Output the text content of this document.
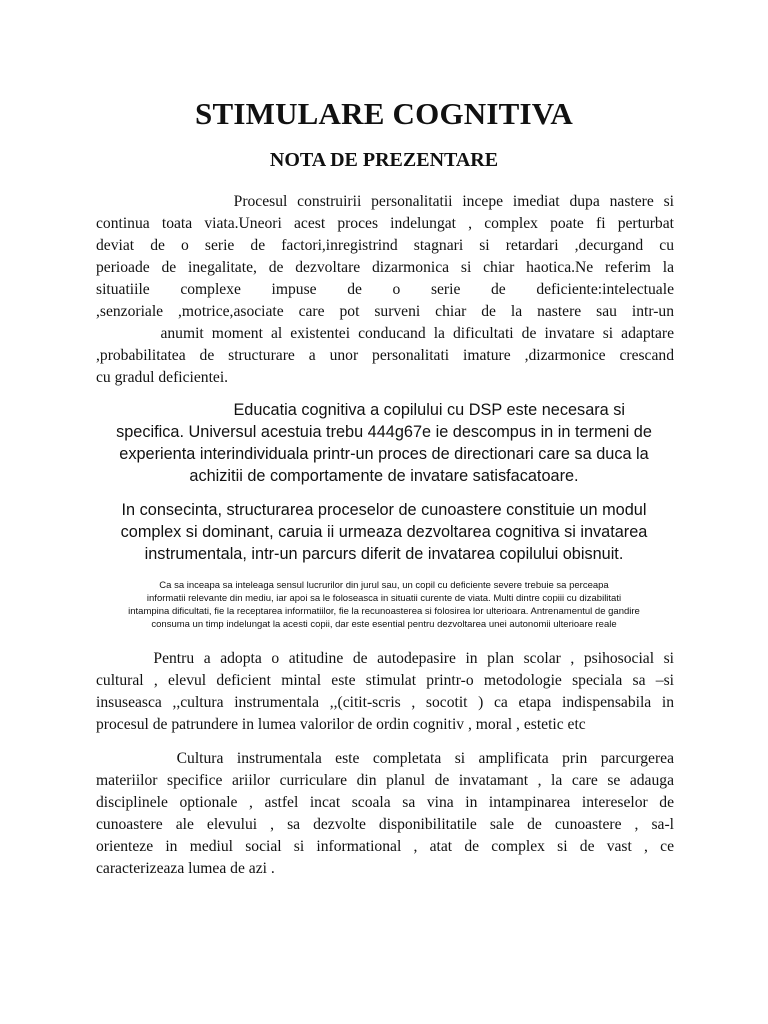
STIMULARE COGNITIVA
NOTA DE PREZENTARE
Procesul construirii personalitatii incepe imediat dupa nastere si
continua toata viata.Uneori acest proces indelungat , complex poate fi perturbat
deviat de o serie de factori,inregistrind stagnari si retardari ,decurgand cu
perioade de inegalitate, de dezvoltare dizarmonica si chiar haotica.Ne referim la
situatiile complexe impuse de o serie de deficiente:intelectuale
,senzoriale ,motrice,asociate care pot surveni chiar de la nastere sau intr-un
anumit moment al existentei conducand la dificultati de invatare si adaptare
,probabilitatea de structurare a unor personalitati imature ,dizarmonice crescand
cu gradul deficientei.
Educatia cognitiva a copilului cu DSP este necesara si
specifica. Universul acestuia trebu 444g67e ie descompus in in termeni de
experienta interindividuala printr-un proces de directionari care sa duca la
achizitii de comportamente de invatare satisfacatoare.
In consecinta, structurarea proceselor de cunoastere constituie un modul
complex si dominant, caruia ii urmeaza dezvoltarea cognitiva si invatarea
instrumentala, intr-un parcurs diferit de invatarea copilului obisnuit.
Ca sa inceapa sa inteleaga sensul lucrurilor din jurul sau, un copil cu deficiente severe trebuie sa perceapa
informatii relevante din mediu, iar apoi sa le foloseasca in situatii curente de viata. Multi dintre copiii cu dizabilitati
intampina dificultati, fie la receptarea informatiilor, fie la recunoasterea si folosirea lor ulterioara. Antrenamentul de gandire
consuma un timp indelungat la acesti copii, dar este esential pentru dezvoltarea unei autonomii ulterioare reale
Pentru a adopta o atitudine de autodepasire in plan scolar , psihosocial si
cultural , elevul deficient mintal este stimulat printr-o metodologie speciala sa –si
insuseasca ,,cultura instrumentala ,,(citit-scris , socotit ) ca etapa indispensabila in
procesul de patrundere in lumea valorilor de ordin cognitiv , moral , estetic etc
Cultura instrumentala este completata si amplificata prin parcurgerea
materiilor specifice ariilor curriculare din planul de invatamant , la care se adauga
disciplinele optionale , astfel incat scoala sa vina in intampinarea intereselor de
cunoastere ale elevului , sa dezvolte disponibilitatile sale de cunoastere , sa-l
orienteze in mediul social si informational , atat de complex si de vast , ce
caracterizeaza lumea de azi .
